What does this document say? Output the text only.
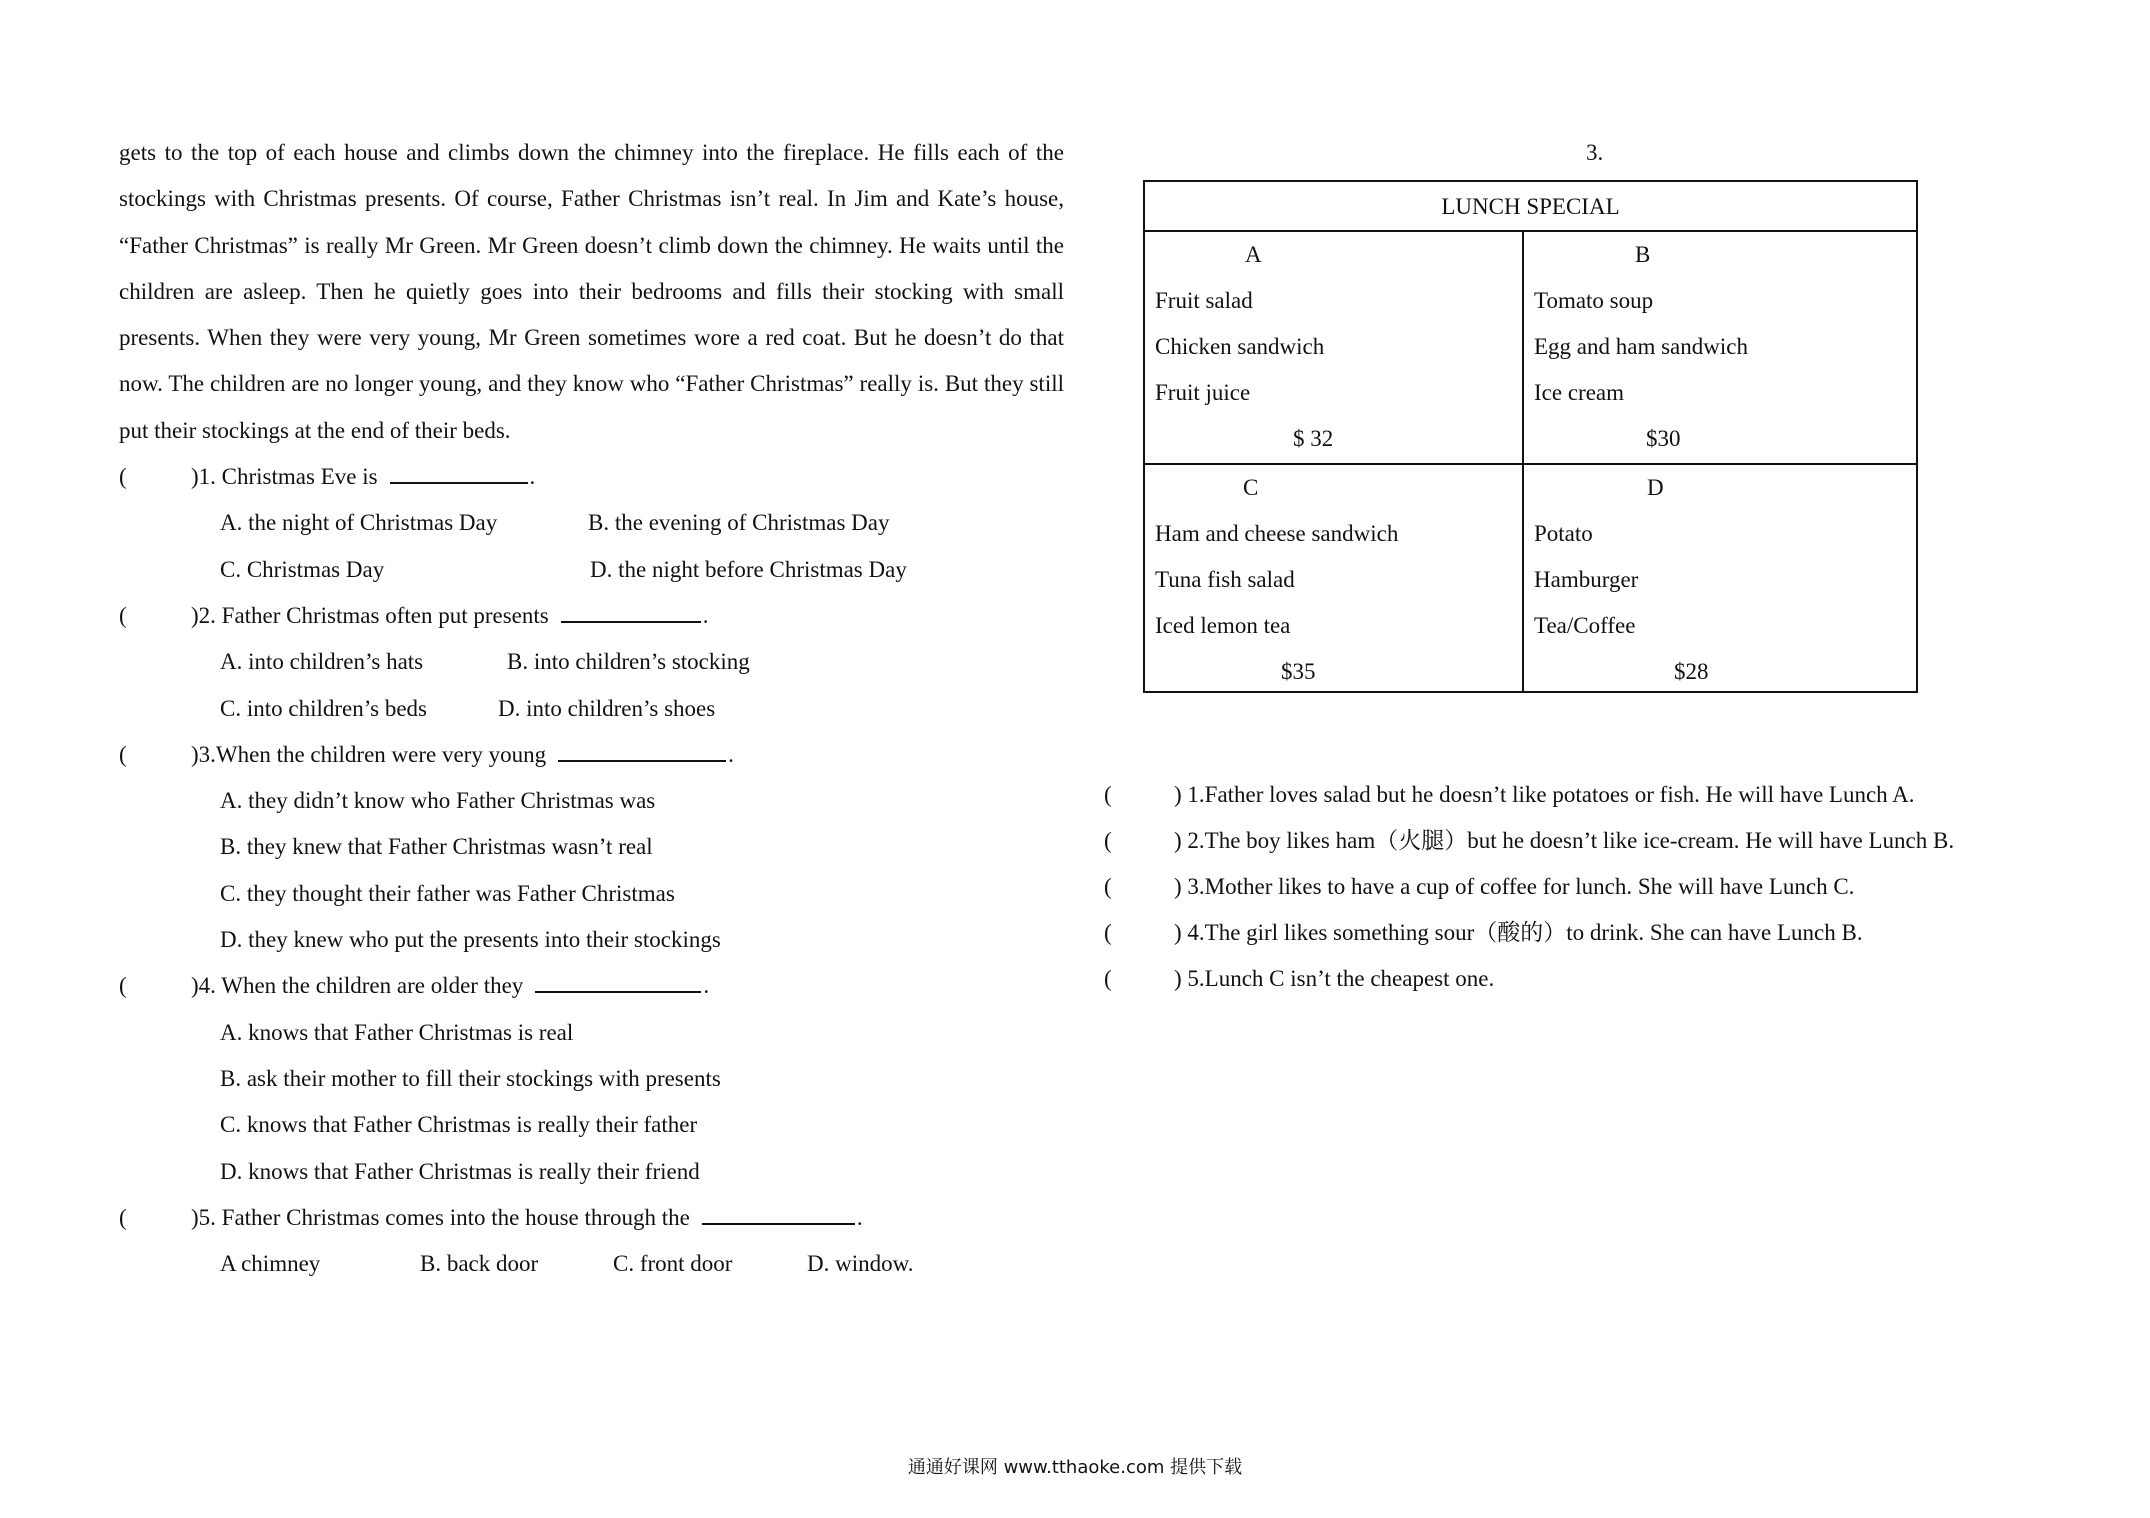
gets to the top of each house and climbs down the chimney into the fireplace. He fills each of the stockings with Christmas presents. Of course, Father Christmas isn’t real. In Jim and Kate’s house, “Father Christmas” is really Mr Green. Mr Green doesn’t climb down the chimney. He waits until the children are asleep. Then he quietly goes into their bedrooms and fills their stocking with small presents. When they were very young, Mr Green sometimes wore a red coat. But he doesn’t do that now. The children are no longer young, and they know who “Father Christmas” really is. But they still put their stockings at the end of their beds.

(	)1. Christmas Eve is	.
A. the night of Christmas Day	B. the evening of Christmas Day
C. Christmas Day	D. the night before Christmas Day
(	)2. Father Christmas often put presents	.
A. into children’s hats	B. into children’s stocking
C. into children’s beds	D. into children’s shoes
(	)3.When the children were very young	.
A. they didn’t know who Father Christmas was
B. they knew that Father Christmas wasn’t real
C. they thought their father was Father Christmas
D. they knew who put the presents into their stockings
(	)4. When the children are older they	.
A. knows that Father Christmas is real
B. ask their mother to fill their stockings with presents
C. knows that Father Christmas is really their father
D. knows that Father Christmas is really their friend
(	)5. Father Christmas comes into the house through the	.
A chimney	B. back door	C. front door	D. window.
3.
LUNCH SPECIAL
A
Fruit salad
Chicken sandwich
Fruit juice
$ 32
B
Tomato soup
Egg and ham sandwich
Ice cream
$30
C
Ham and cheese sandwich
Tuna fish salad
Iced lemon tea
$35
D
Potato
Hamburger
Tea/Coffee
$28
(	) 1.Father loves salad but he doesn’t like potatoes or fish. He will have Lunch A.
(	) 2.The boy likes ham（火腿）but he doesn’t like ice-cream. He will have Lunch B.
(	) 3.Mother likes to have a cup of coffee for lunch. She will have Lunch C.
(	) 4.The girl likes something sour（酸的）to drink. She can have Lunch B.
(	) 5.Lunch C isn’t the cheapest one.
通通好课网 www.tthaoke.com 提供下载
